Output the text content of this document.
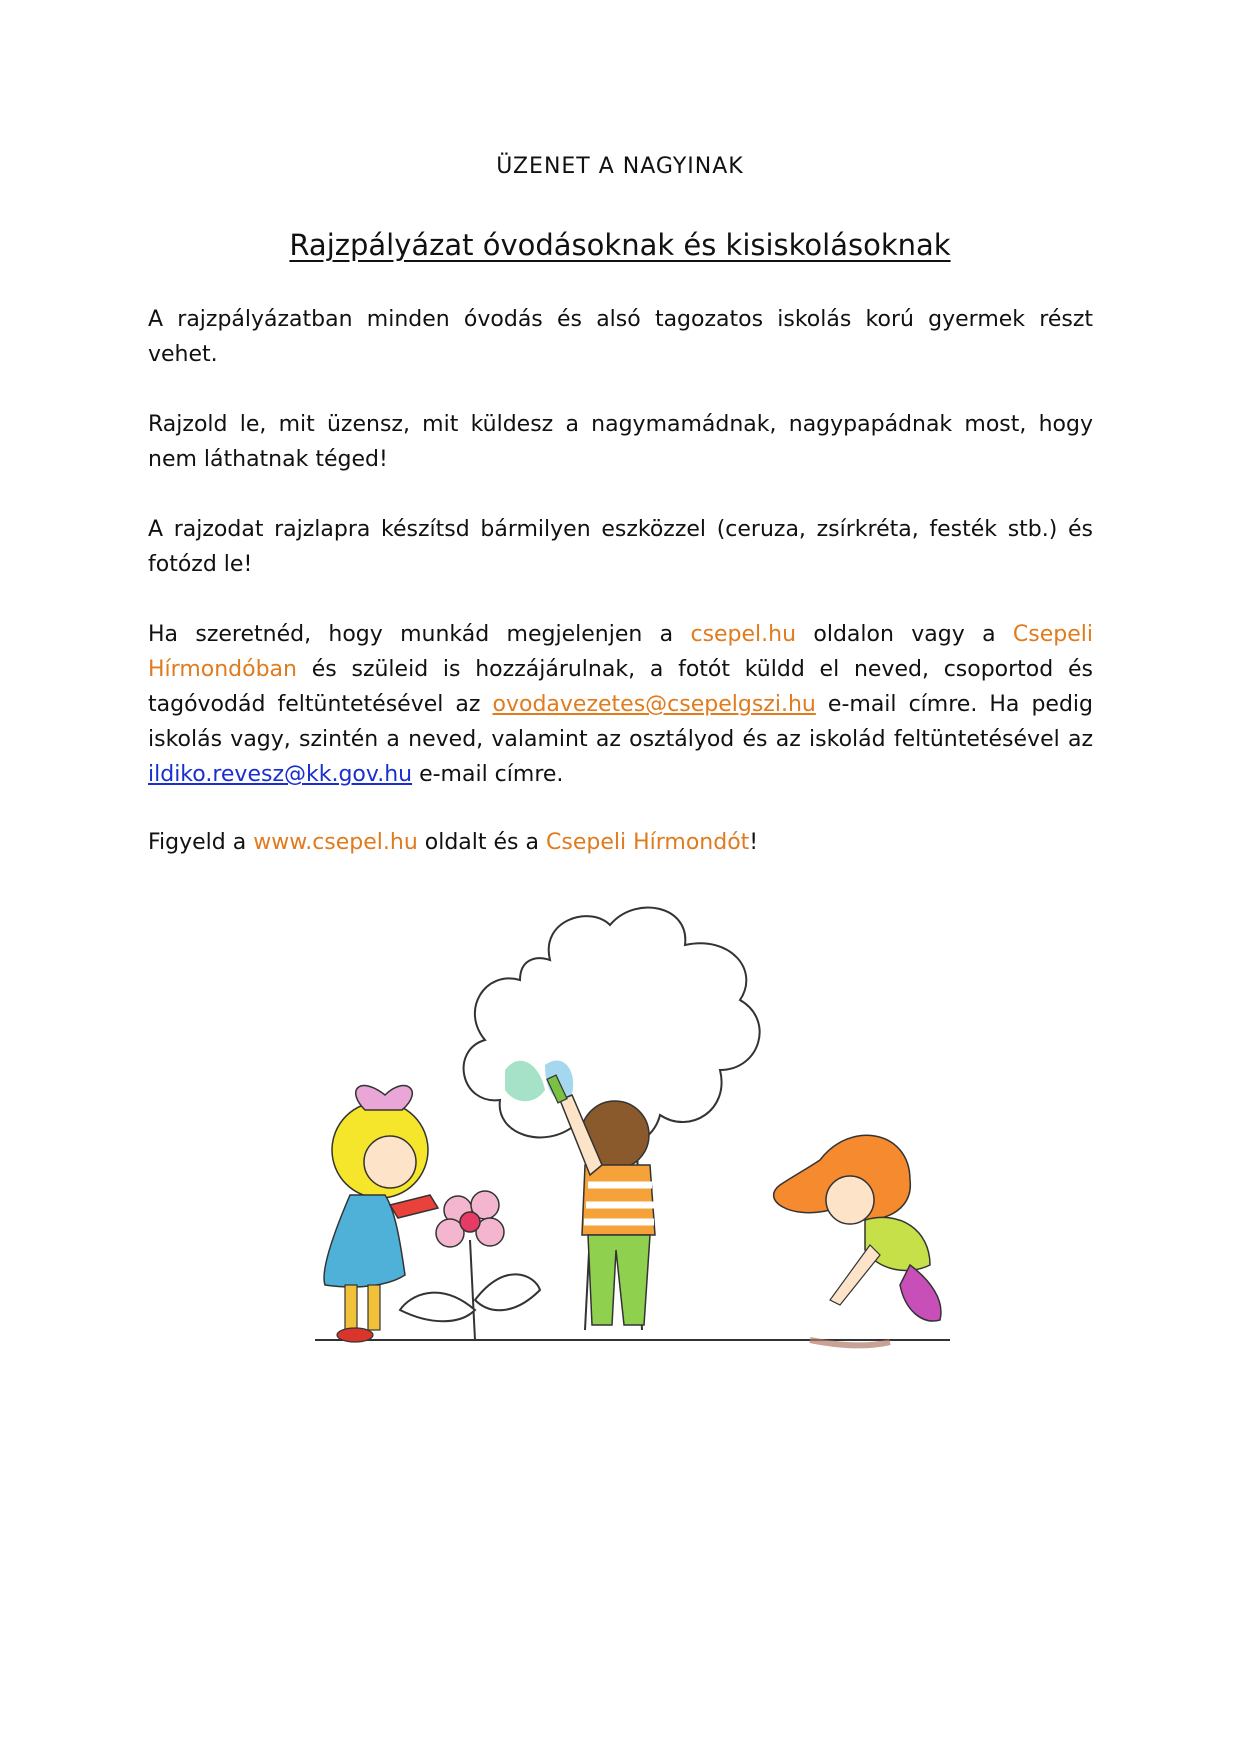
ÜZENET A NAGYINAK
Rajzpályázat óvodásoknak és kisiskolásoknak
A rajzpályázatban minden óvodás és alsó tagozatos iskolás korú gyermek részt vehet.
Rajzold le, mit üzensz, mit küldesz a nagymamádnak, nagypapádnak most, hogy nem láthatnak téged!
A rajzodat rajzlapra készítsd bármilyen eszközzel (ceruza, zsírkréta, festék stb.) és fotózd le!
Ha szeretnéd, hogy munkád megjelenjen a csepel.hu oldalon vagy a Csepeli Hírmondóban és szüleid is hozzájárulnak, a fotót küldd el neved, csoportod és tagóvodád feltüntetésével az ovodavezetes@csepelgszi.hu e-mail címre. Ha pedig iskolás vagy, szintén a neved, valamint az osztályod és az iskolád feltüntetésével az ildiko.revesz@kk.gov.hu e-mail címre.
Figyeld a www.csepel.hu oldalt és a Csepeli Hírmondót!
